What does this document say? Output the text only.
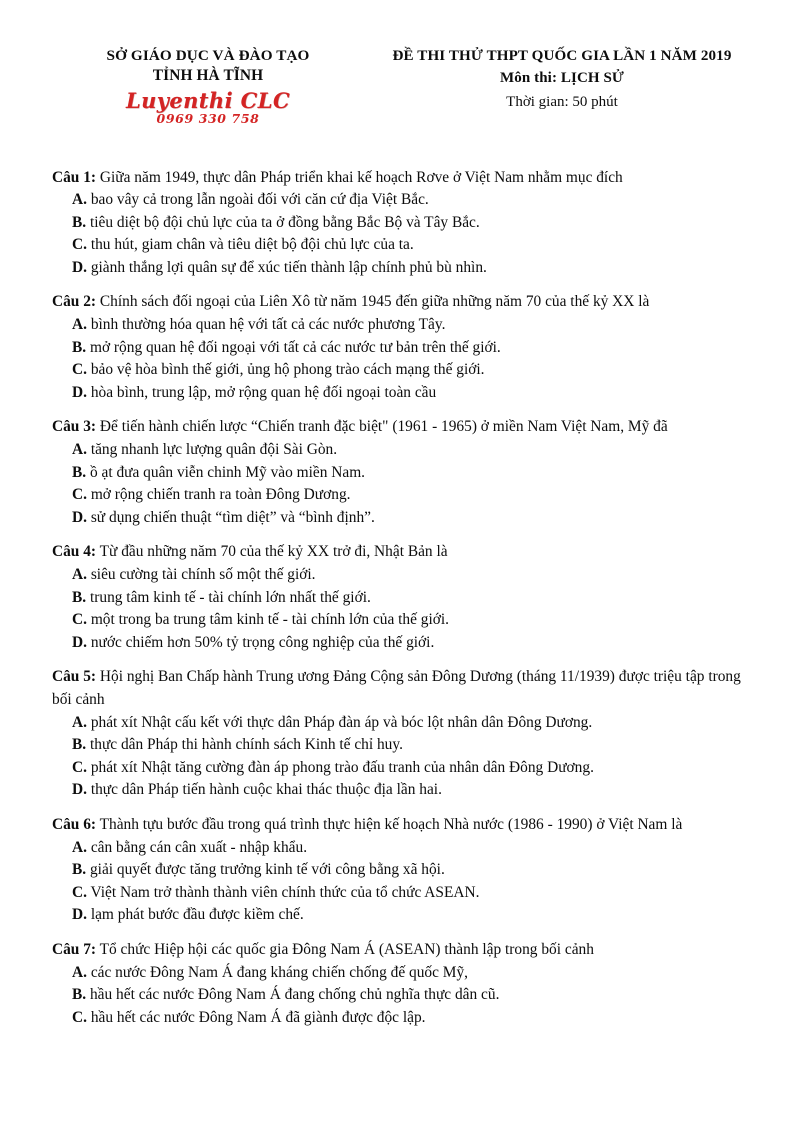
SỞ GIÁO DỤC VÀ ĐÀO TẠO
TỈNH HÀ TĨNH
Luyenthi CLC
0969 330 758
ĐỀ THI THỬ THPT QUỐC GIA LẦN 1 NĂM 2019
Môn thi: LỊCH SỬ
Thời gian: 50 phút
Câu 1: Giữa năm 1949, thực dân Pháp triển khai kế hoạch Rơve ở Việt Nam nhằm mục đích
A. bao vây cả trong lẫn ngoài đối với căn cứ địa Việt Bắc.
B. tiêu diệt bộ đội chủ lực của ta ở đồng bằng Bắc Bộ và Tây Bắc.
C. thu hút, giam chân và tiêu diệt bộ đội chủ lực của ta.
D. giành thắng lợi quân sự để xúc tiến thành lập chính phủ bù nhìn.
Câu 2: Chính sách đối ngoại của Liên Xô từ năm 1945 đến giữa những năm 70 của thế kỷ XX là
A. bình thường hóa quan hệ với tất cả các nước phương Tây.
B. mở rộng quan hệ đối ngoại với tất cả các nước tư bản trên thế giới.
C. bảo vệ hòa bình thế giới, ủng hộ phong trào cách mạng thế giới.
D. hòa bình, trung lập, mở rộng quan hệ đối ngoại toàn cầu
Câu 3: Để tiến hành chiến lược “Chiến tranh đặc biệt" (1961 - 1965) ở miền Nam Việt Nam, Mỹ đã
A. tăng nhanh lực lượng quân đội Sài Gòn.
B. ồ ạt đưa quân viễn chinh Mỹ vào miền Nam.
C. mở rộng chiến tranh ra toàn Đông Dương.
D. sử dụng chiến thuật “tìm diệt” và “bình định”.
Câu 4: Từ đầu những năm 70 của thế kỷ XX trở đi, Nhật Bản là
A. siêu cường tài chính số một thế giới.
B. trung tâm kinh tế - tài chính lớn nhất thế giới.
C. một trong ba trung tâm kinh tế - tài chính lớn của thế giới.
D. nước chiếm hơn 50% tỷ trọng công nghiệp của thế giới.
Câu 5: Hội nghị Ban Chấp hành Trung ương Đảng Cộng sản Đông Dương (tháng 11/1939) được triệu tập trong bối cảnh
A. phát xít Nhật cấu kết với thực dân Pháp đàn áp và bóc lột nhân dân Đông Dương.
B. thực dân Pháp thi hành chính sách Kinh tế chỉ huy.
C. phát xít Nhật tăng cường đàn áp phong trào đấu tranh của nhân dân Đông Dương.
D. thực dân Pháp tiến hành cuộc khai thác thuộc địa lần hai.
Câu 6: Thành tựu bước đầu trong quá trình thực hiện kế hoạch Nhà nước (1986 - 1990) ở Việt Nam là
A. cân bằng cán cân xuất - nhập khẩu.
B. giải quyết được tăng trưởng kinh tế với công bằng xã hội.
C. Việt Nam trở thành thành viên chính thức của tổ chức ASEAN.
D. lạm phát bước đầu được kiềm chế.
Câu 7: Tổ chức Hiệp hội các quốc gia Đông Nam Á (ASEAN) thành lập trong bối cảnh
A. các nước Đông Nam Á đang kháng chiến chống đế quốc Mỹ,
B. hầu hết các nước Đông Nam Á đang chống chủ nghĩa thực dân cũ.
C. hầu hết các nước Đông Nam Á đã giành được độc lập.
